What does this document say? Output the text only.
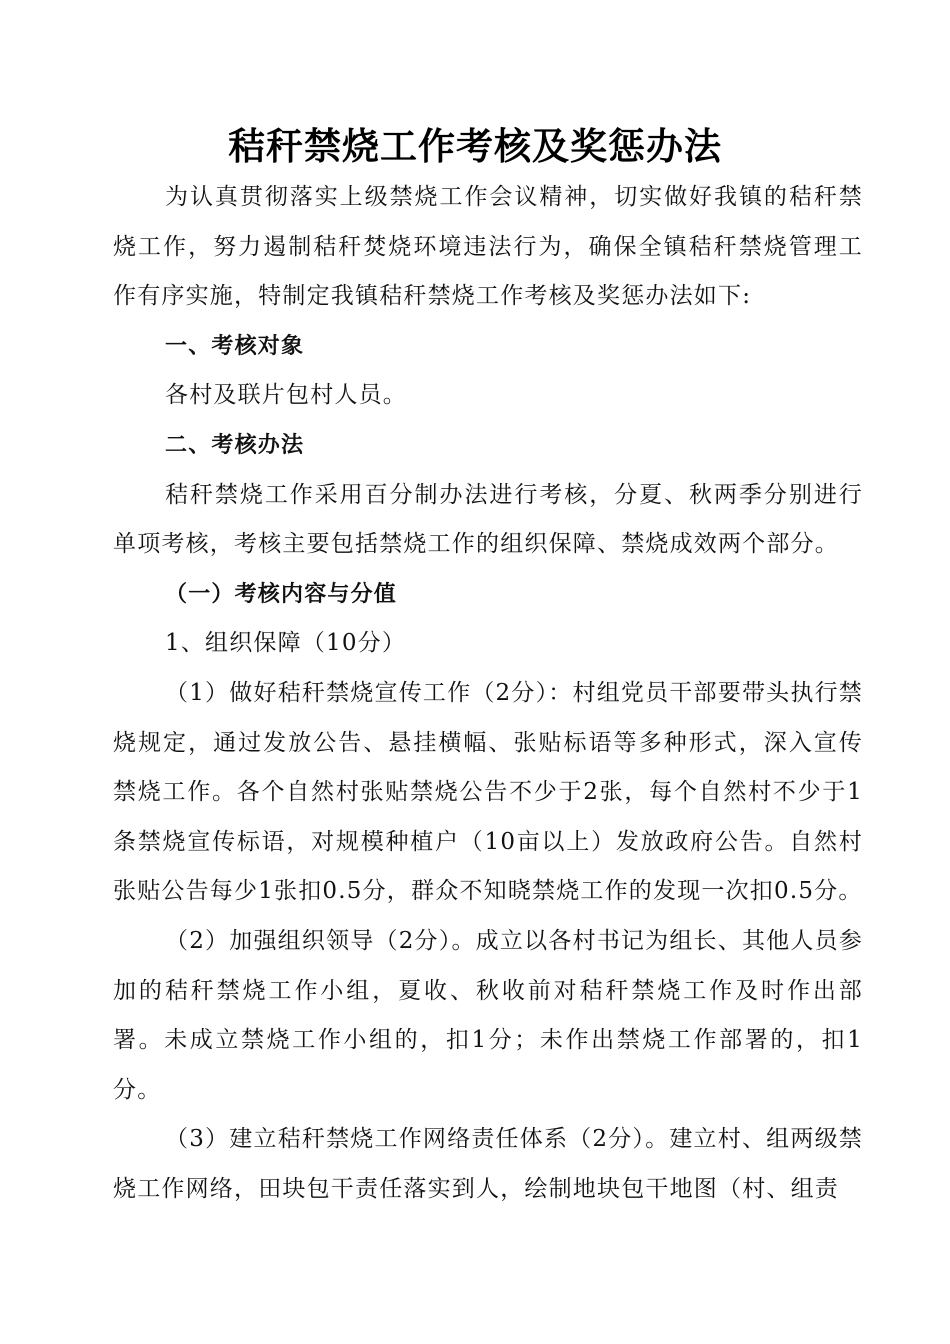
秸秆禁烧工作考核及奖惩办法

为认真贯彻落实上级禁烧工作会议精神，切实做好我镇的秸秆禁烧工作，努力遏制秸秆焚烧环境违法行为，确保全镇秸秆禁烧管理工作有序实施，特制定我镇秸秆禁烧工作考核及奖惩办法如下:

一、考核对象

各村及联片包村人员。

二、考核办法

秸秆禁烧工作采用百分制办法进行考核，分夏、秋两季分别进行单项考核，考核主要包括禁烧工作的组织保障、禁烧成效两个部分。

（一）考核内容与分值

1、组织保障（10分）

（1）做好秸秆禁烧宣传工作（2分）：村组党员干部要带头执行禁烧规定，通过发放公告、悬挂横幅、张贴标语等多种形式，深入宣传禁烧工作。各个自然村张贴禁烧公告不少于2张，每个自然村不少于1条禁烧宣传标语，对规模种植户（10亩以上）发放政府公告。自然村张贴公告每少1张扣0.5分，群众不知晓禁烧工作的发现一次扣0.5分。

（2）加强组织领导（2分）。成立以各村书记为组长、其他人员参加的秸秆禁烧工作小组，夏收、秋收前对秸秆禁烧工作及时作出部署。未成立禁烧工作小组的，扣1分；未作出禁烧工作部署的，扣1分。

（3）建立秸秆禁烧工作网络责任体系（2分）。建立村、组两级禁烧工作网络，田块包干责任落实到人，绘制地块包干地图（村、组责
